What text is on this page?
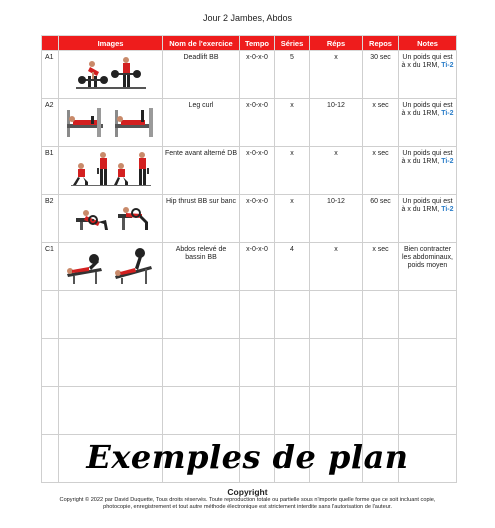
Jour 2 Jambes, Abdos
	Images	Nom de l'exercice	Tempo	Séries	Réps	Repos	Notes
A1		Deadlift BB	x-0-x-0	5	x	30 sec	Un poids qui est à x du 1RM, Ti-2
A2		Leg curl	x-0-x-0	x	10-12	x sec	Un poids qui est à x du 1RM, Ti-2
B1		Fente avant alterné DB	x-0-x-0	x	x	x sec	Un poids qui est à x du 1RM, Ti-2
B2		Hip thrust BB sur banc	x-0-x-0	x	10-12	60 sec	Un poids qui est à x du 1RM, Ti-2
C1		Abdos relevé de bassin BB	x-0-x-0	4	x	x sec	Bien contracter les abdominaux, poids moyen

Exemples de plan
Copyright
Copyright © 2022 par David Duquette, Tous droits réservés. Toute reproduction totale ou partielle sous n'importe quelle forme que ce soit incluant copie, photocopie, enregistrement et tout autre méthode électronique est strictement interdite sans l'autorisation de l'auteur.
